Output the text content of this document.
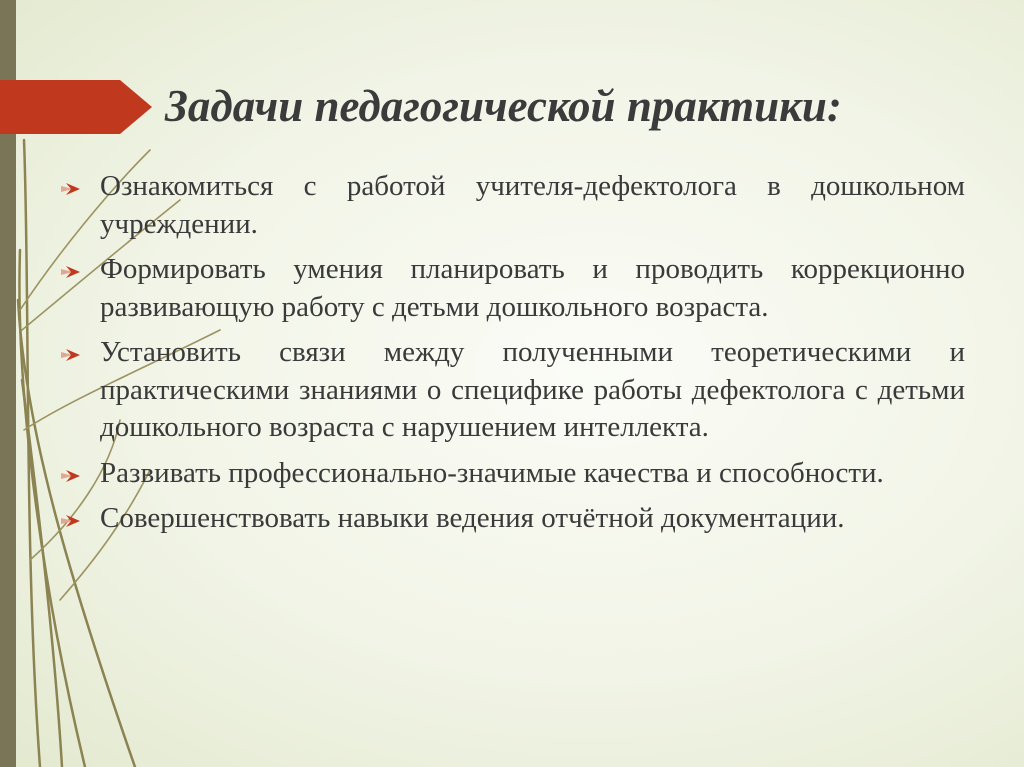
Задачи педагогической практики:
Ознакомиться с работой учителя-дефектолога в дошкольном учреждении.
Формировать умения планировать и проводить коррекционно развивающую работу с детьми дошкольного возраста.
Установить связи между полученными теоретическими и практическими знаниями о специфике работы дефектолога с детьми дошкольного возраста с нарушением интеллекта.
Развивать профессионально-значимые качества и способности.
Совершенствовать навыки ведения отчётной документации.
